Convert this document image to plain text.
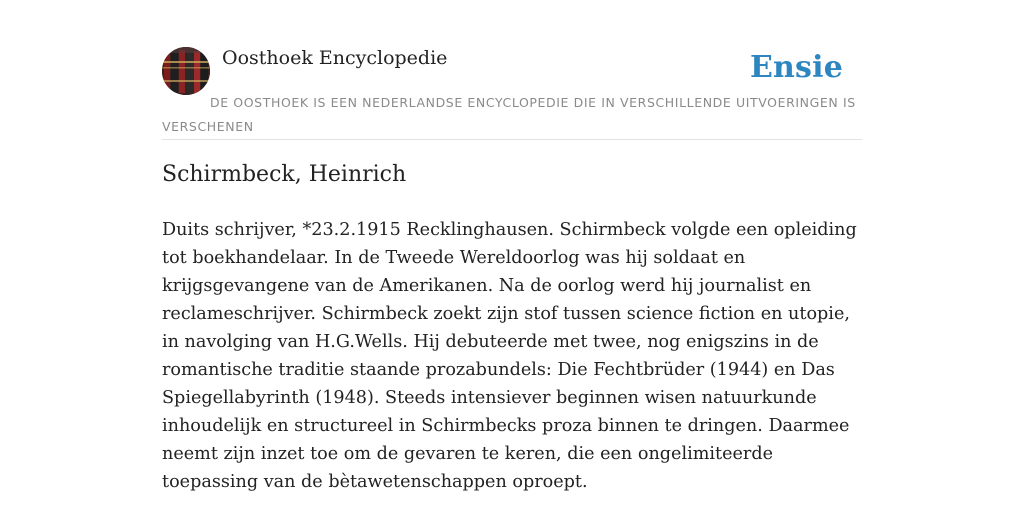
Oosthoek Encyclopedie	Ensie
DE OOSTHOEK IS EEN NEDERLANDSE ENCYCLOPEDIE DIE IN VERSCHILLENDE UITVOERINGEN IS VERSCHENEN
Schirmbeck, Heinrich

Duits schrijver, *23.2.1915 Recklinghausen. Schirmbeck volgde een opleiding tot boekhandelaar. In de Tweede Wereldoorlog was hij soldaat en krijgsgevangene van de Amerikanen. Na de oorlog werd hij journalist en reclameschrijver. Schirmbeck zoekt zijn stof tussen science fiction en utopie, in navolging van H.G.Wells. Hij debuteerde met twee, nog enigszins in de romantische traditie staande prozabundels: Die Fechtbrüder (1944) en Das Spiegellabyrinth (1948). Steeds intensiever beginnen wisen natuurkunde inhoudelijk en structureel in Schirmbecks proza binnen te dringen. Daarmee neemt zijn inzet toe om de gevaren te keren, die een ongelimiteerde toepassing van de bètawetenschappen oproept.
